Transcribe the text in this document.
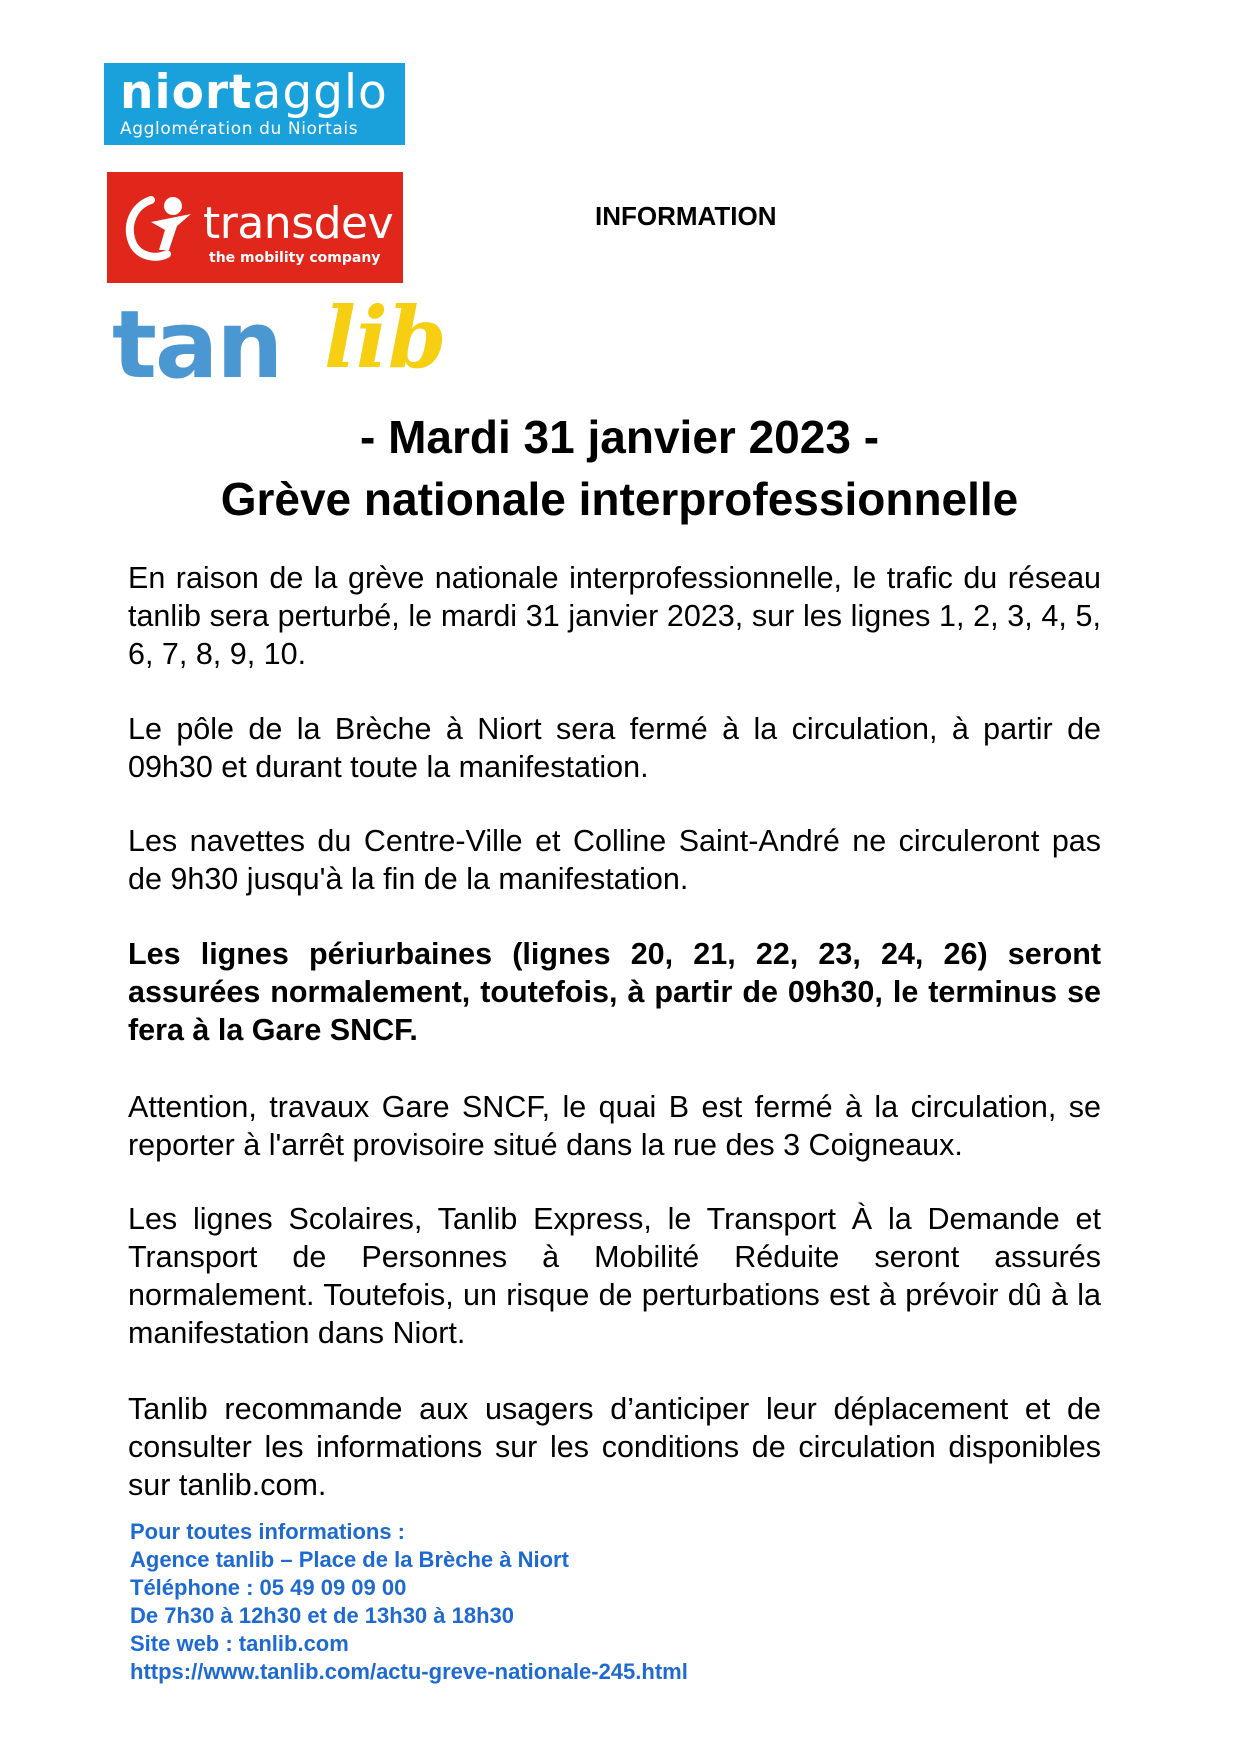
niortagglo
Agglomération du Niortais
transdev
the mobility company
tan lib
INFORMATION
- Mardi 31 janvier 2023 -
Grève nationale interprofessionnelle

En raison de la grève nationale interprofessionnelle, le trafic du réseau tanlib sera perturbé, le mardi 31 janvier 2023, sur les lignes 1, 2, 3, 4, 5, 6, 7, 8, 9, 10.

Le pôle de la Brèche à Niort sera fermé à la circulation, à partir de 09h30 et durant toute la manifestation.

Les navettes du Centre-Ville et Colline Saint-André ne circuleront pas de 9h30 jusqu'à la fin de la manifestation.

Les lignes périurbaines (lignes 20, 21, 22, 23, 24, 26) seront assurées normalement, toutefois, à partir de 09h30, le terminus se fera à la Gare SNCF.

Attention, travaux Gare SNCF, le quai B est fermé à la circulation, se reporter à l'arrêt provisoire situé dans la rue des 3 Coigneaux.

Les lignes Scolaires, Tanlib Express, le Transport À la Demande et Transport de Personnes à Mobilité Réduite seront assurés normalement. Toutefois, un risque de perturbations est à prévoir dû à la manifestation dans Niort.

Tanlib recommande aux usagers d’anticiper leur déplacement et de consulter les informations sur les conditions de circulation disponibles sur tanlib.com.

Pour toutes informations :
Agence tanlib – Place de la Brèche à Niort
Téléphone : 05 49 09 09 00
De 7h30 à 12h30 et de 13h30 à 18h30
Site web : tanlib.com
https://www.tanlib.com/actu-greve-nationale-245.html
